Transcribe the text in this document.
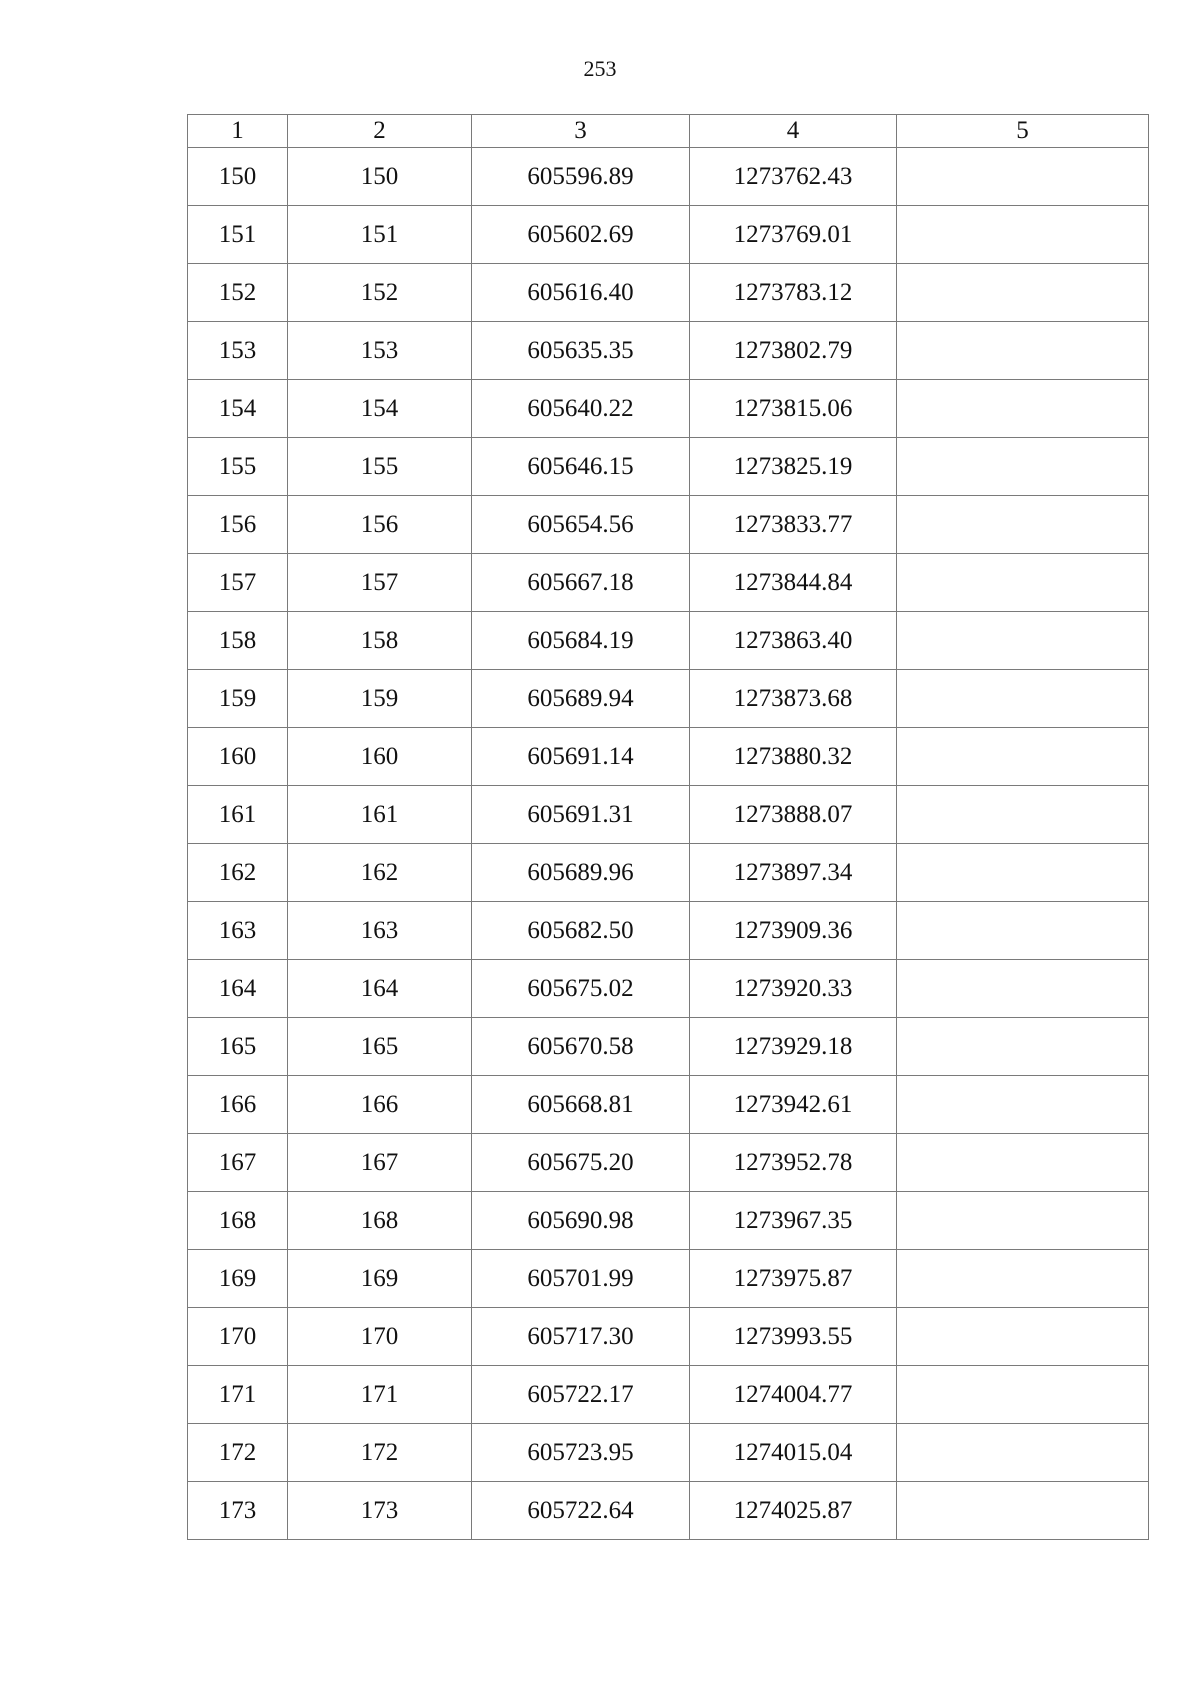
253
1	2	3	4	5
150	150	605596.89	1273762.43	
151	151	605602.69	1273769.01	
152	152	605616.40	1273783.12	
153	153	605635.35	1273802.79	
154	154	605640.22	1273815.06	
155	155	605646.15	1273825.19	
156	156	605654.56	1273833.77	
157	157	605667.18	1273844.84	
158	158	605684.19	1273863.40	
159	159	605689.94	1273873.68	
160	160	605691.14	1273880.32	
161	161	605691.31	1273888.07	
162	162	605689.96	1273897.34	
163	163	605682.50	1273909.36	
164	164	605675.02	1273920.33	
165	165	605670.58	1273929.18	
166	166	605668.81	1273942.61	
167	167	605675.20	1273952.78	
168	168	605690.98	1273967.35	
169	169	605701.99	1273975.87	
170	170	605717.30	1273993.55	
171	171	605722.17	1274004.77	
172	172	605723.95	1274015.04	
173	173	605722.64	1274025.87	
